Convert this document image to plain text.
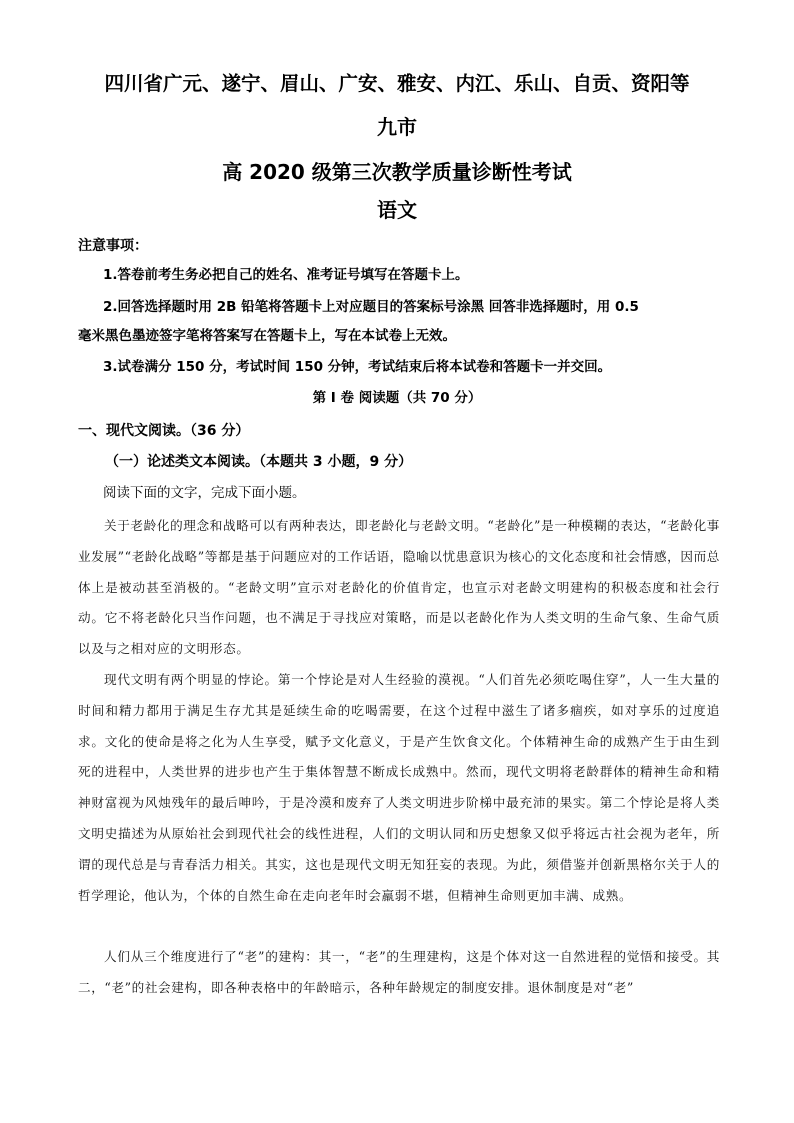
四川省广元、遂宁、眉山、广安、雅安、内江、乐山、自贡、资阳等
九市
高 2020 级第三次教学质量诊断性考试
语文
注意事项：
1.答卷前考生务必把自己的姓名、准考证号填写在答题卡上。
2.回答选择题时用 2B 铅笔将答题卡上对应题目的答案标号涂黑 回答非选择题时，用 0.5
毫米黑色墨迹签字笔将答案写在答题卡上，写在本试卷上无效。
3.试卷满分 150 分，考试时间 150 分钟，考试结束后将本试卷和答题卡一并交回。
第 I 卷 阅读题（共 70 分）
一、现代文阅读。（36 分）
（一）论述类文本阅读。（本题共 3 小题，9 分）
阅读下面的文字，完成下面小题。
关于老龄化的理念和战略可以有两种表达，即老龄化与老龄文明。“老龄化”是一种模糊的表达，“老龄化事业发展”“老龄化战略”等都是基于问题应对的工作话语，隐喻以忧患意识为核心的文化态度和社会情感，因而总体上是被动甚至消极的。“老龄文明”宣示对老龄化的价值肯定，也宣示对老龄文明建构的积极态度和社会行动。它不将老龄化只当作问题，也不满足于寻找应对策略，而是以老龄化作为人类文明的生命气象、生命气质以及与之相对应的文明形态。
现代文明有两个明显的悖论。第一个悖论是对人生经验的漠视。“人们首先必须吃喝住穿”，人一生大量的时间和精力都用于满足生存尤其是延续生命的吃喝需要，在这个过程中滋生了诸多痼疾，如对享乐的过度追求。文化的使命是将之化为人生享受，赋予文化意义，于是产生饮食文化。个体精神生命的成熟产生于由生到死的进程中，人类世界的进步也产生于集体智慧不断成长成熟中。然而，现代文明将老龄群体的精神生命和精神财富视为风烛残年的最后呻吟，于是冷漠和废弃了人类文明进步阶梯中最充沛的果实。第二个悖论是将人类文明史描述为从原始社会到现代社会的线性进程，人们的文明认同和历史想象又似乎将远古社会视为老年，所谓的现代总是与青春活力相关。其实，这也是现代文明无知狂妄的表现。为此，须借鉴并创新黑格尔关于人的哲学理论，他认为，个体的自然生命在走向老年时会羸弱不堪，但精神生命则更加丰满、成熟。
人们从三个维度进行了“老”的建构：其一，“老”的生理建构，这是个体对这一自然进程的觉悟和接受。其二，“老”的社会建构，即各种表格中的年龄暗示，各种年龄规定的制度安排。退休制度是对“老”
